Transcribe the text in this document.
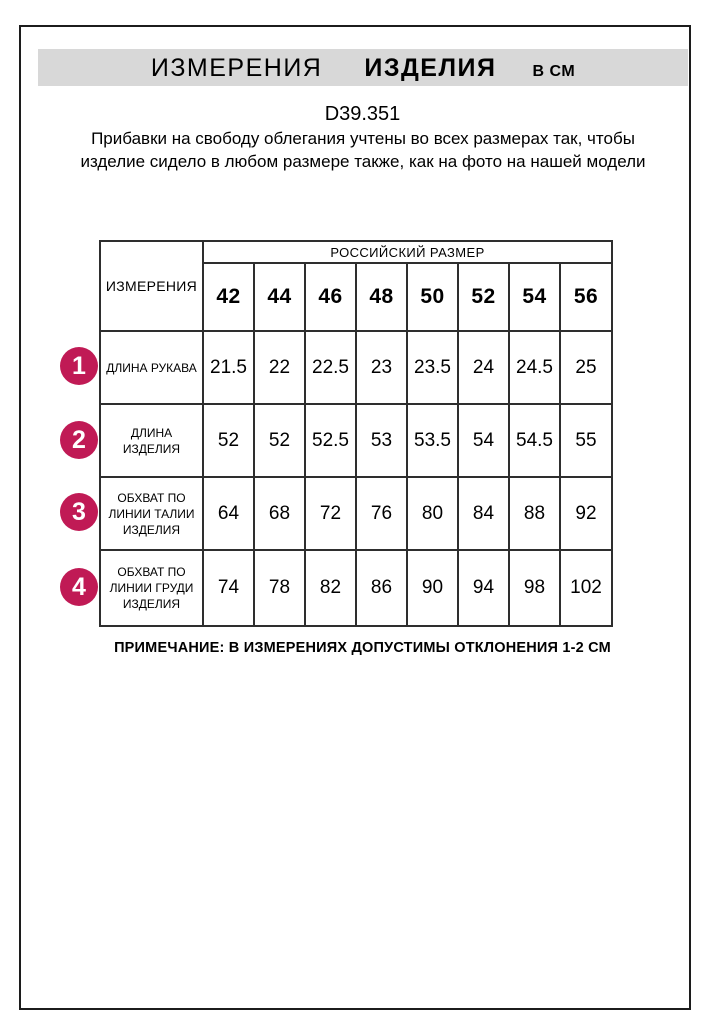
ИЗМЕРЕНИЯ ИЗДЕЛИЯ В СМ
D39.351
Прибавки на свободу облегания учтены во всех размерах так, чтобы изделие сидело в любом размере также, как на фото на нашей модели
ИЗМЕРЕНИЯ	РОССИЙСКИЙ РАЗМЕР							
	42	44	46	48	50	52	54	56
ДЛИНА РУКАВА	21.5	22	22.5	23	23.5	24	24.5	25
ДЛИНА ИЗДЕЛИЯ	52	52	52.5	53	53.5	54	54.5	55
ОБХВАТ ПО ЛИНИИ ТАЛИИ ИЗДЕЛИЯ	64	68	72	76	80	84	88	92
ОБХВАТ ПО ЛИНИИ ГРУДИ ИЗДЕЛИЯ	74	78	82	86	90	94	98	102
1
2
3
4
ПРИМЕЧАНИЕ: В ИЗМЕРЕНИЯХ ДОПУСТИМЫ ОТКЛОНЕНИЯ 1-2 СМ
